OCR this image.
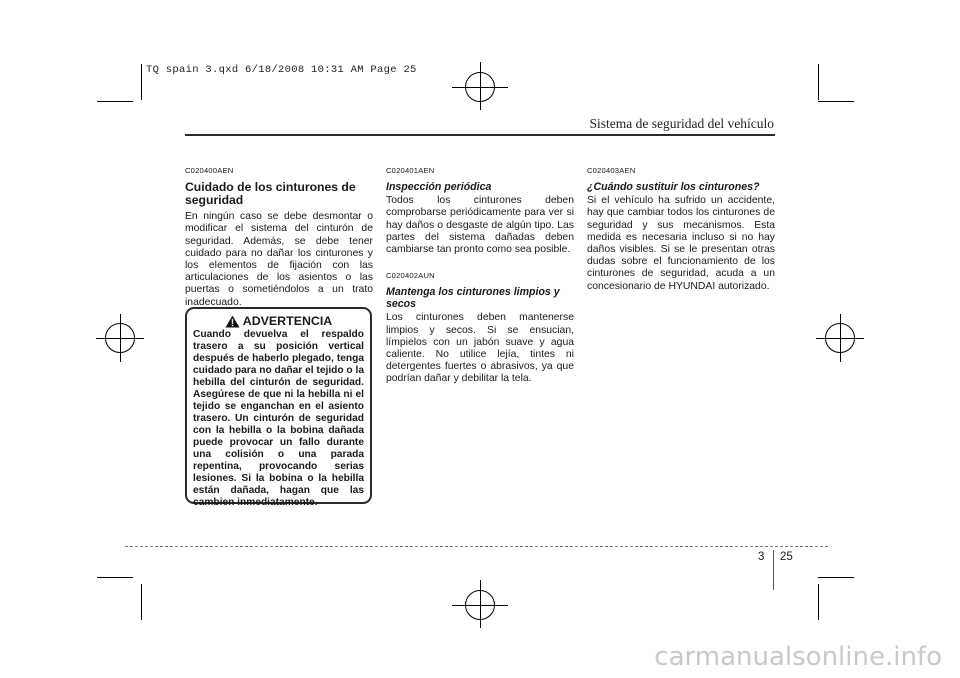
TQ spain 3.qxd 6/18/2008 10:31 AM Page 25
Sistema de seguridad del vehículo
C020400AEN
Cuidado de los cinturones de seguridad

En ningún caso se debe desmontar o modificar el sistema del cinturón de seguridad. Además, se debe tener cuidado para no dañar los cinturones y los elementos de fijación con las articulaciones de los asientos o las puertas o sometiéndolos a un trato inadecuado.

ADVERTENCIA

Cuando devuelva el respaldo trasero a su posición vertical después de haberlo plegado, tenga cuidado para no dañar el tejido o la hebilla del cinturón de seguridad. Asegúrese de que ni la hebilla ni el tejido se enganchan en el asiento trasero. Un cinturón de seguridad con la hebilla o la bobina dañada puede provocar un fallo durante una colisión o una parada repentina, provocando serias lesiones. Si la bobina o la hebilla están dañada, hagan que las cambien inmediatamente.

C020401AEN
Inspección periódica

Todos los cinturones deben comprobarse periódicamente para ver si hay daños o desgaste de algún tipo. Las partes del sistema dañadas deben cambiarse tan pronto como sea posible.

C020402AUN
Mantenga los cinturones limpios y secos

Los cinturones deben mantenerse limpios y secos. Si se ensucian, límpielos con un jabón suave y agua caliente. No utilice lejía, tintes ni detergentes fuertes o abrasivos, ya que podrían dañar y debilitar la tela.

C020403AEN
¿Cuándo sustituir los cinturones?

Si el vehículo ha sufrido un accidente, hay que cambiar todos los cinturones de seguridad y sus mecanismos. Esta medida es necesaria incluso si no hay daños visibles. Si se le presentan otras dudas sobre el funcionamiento de los cinturones de seguridad, acuda a un concesionario de HYUNDAI autorizado.

3 25
carmanualsonline.info
